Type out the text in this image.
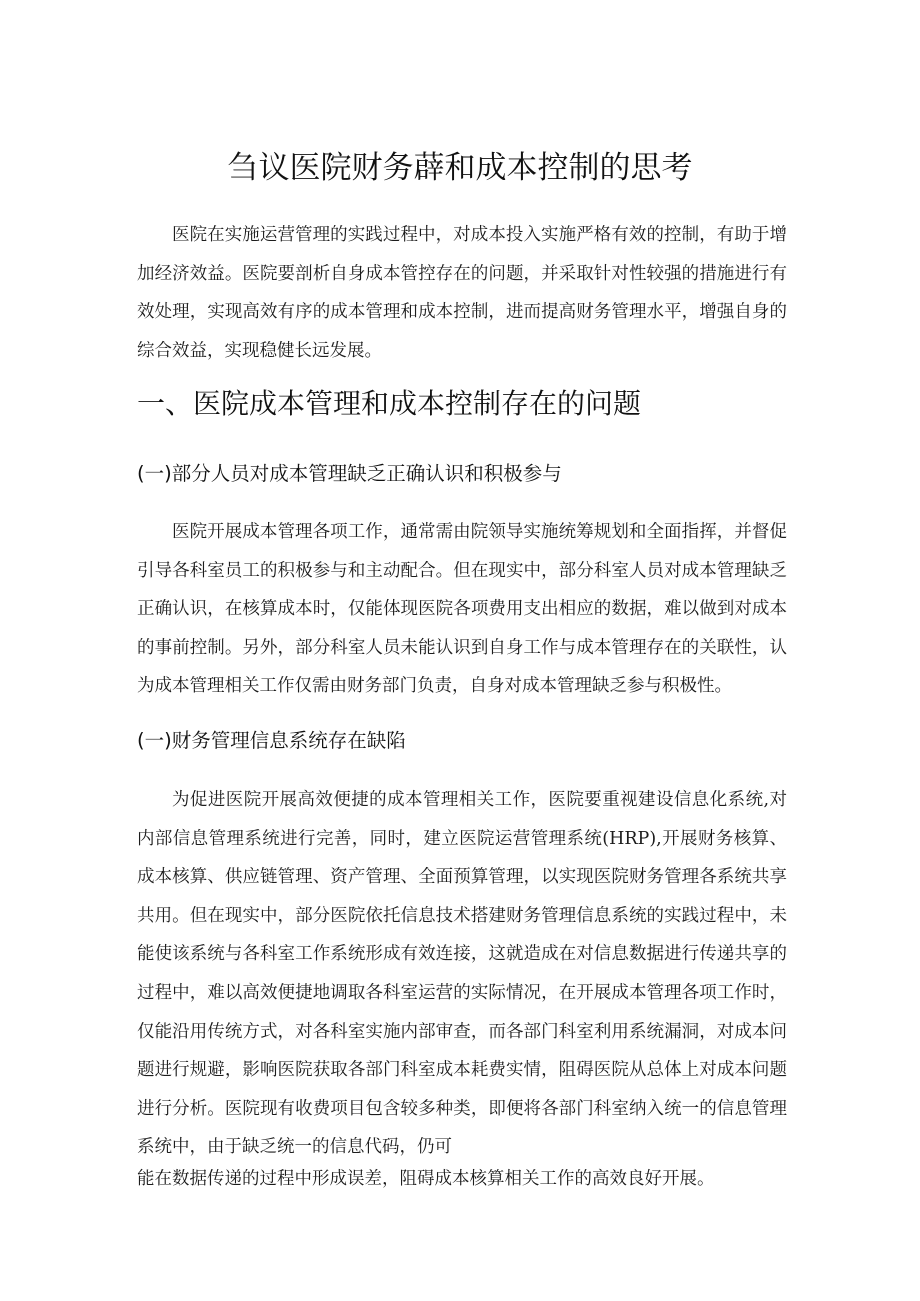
刍议医院财务薜和成本控制的思考

医院在实施运营管理的实践过程中，对成本投入实施严格有效的控制，有助于增加经济效益。医院要剖析自身成本管控存在的问题，并采取针对性较强的措施进行有效处理，实现高效有序的成本管理和成本控制，进而提高财务管理水平，增强自身的综合效益，实现稳健长远发展。

一、医院成本管理和成本控制存在的问题
(一)部分人员对成本管理缺乏正确认识和积极参与

医院开展成本管理各项工作，通常需由院领导实施统筹规划和全面指挥，并督促引导各科室员工的积极参与和主动配合。但在现实中，部分科室人员对成本管理缺乏正确认识，在核算成本时，仅能体现医院各项费用支出相应的数据，难以做到对成本的事前控制。另外，部分科室人员未能认识到自身工作与成本管理存在的关联性，认为成本管理相关工作仅需由财务部门负责，自身对成本管理缺乏参与积极性。

(一)财务管理信息系统存在缺陷

为促进医院开展高效便捷的成本管理相关工作，医院要重视建设信息化系统,对内部信息管理系统进行完善，同时，建立医院运营管理系统(HRP),开展财务核算、成本核算、供应链管理、资产管理、全面预算管理，以实现医院财务管理各系统共享共用。但在现实中，部分医院依托信息技术搭建财务管理信息系统的实践过程中，未能使该系统与各科室工作系统形成有效连接，这就造成在对信息数据进行传递共享的过程中，难以高效便捷地调取各科室运营的实际情况，在开展成本管理各项工作时，仅能沿用传统方式，对各科室实施内部审查，而各部门科室利用系统漏洞，对成本问题进行规避，影响医院获取各部门科室成本耗费实情，阻碍医院从总体上对成本问题进行分析。医院现有收费项目包含较多种类，即便将各部门科室纳入统一的信息管理系统中，由于缺乏统一的信息代码，仍可

能在数据传递的过程中形成误差，阻碍成本核算相关工作的高效良好开展。
